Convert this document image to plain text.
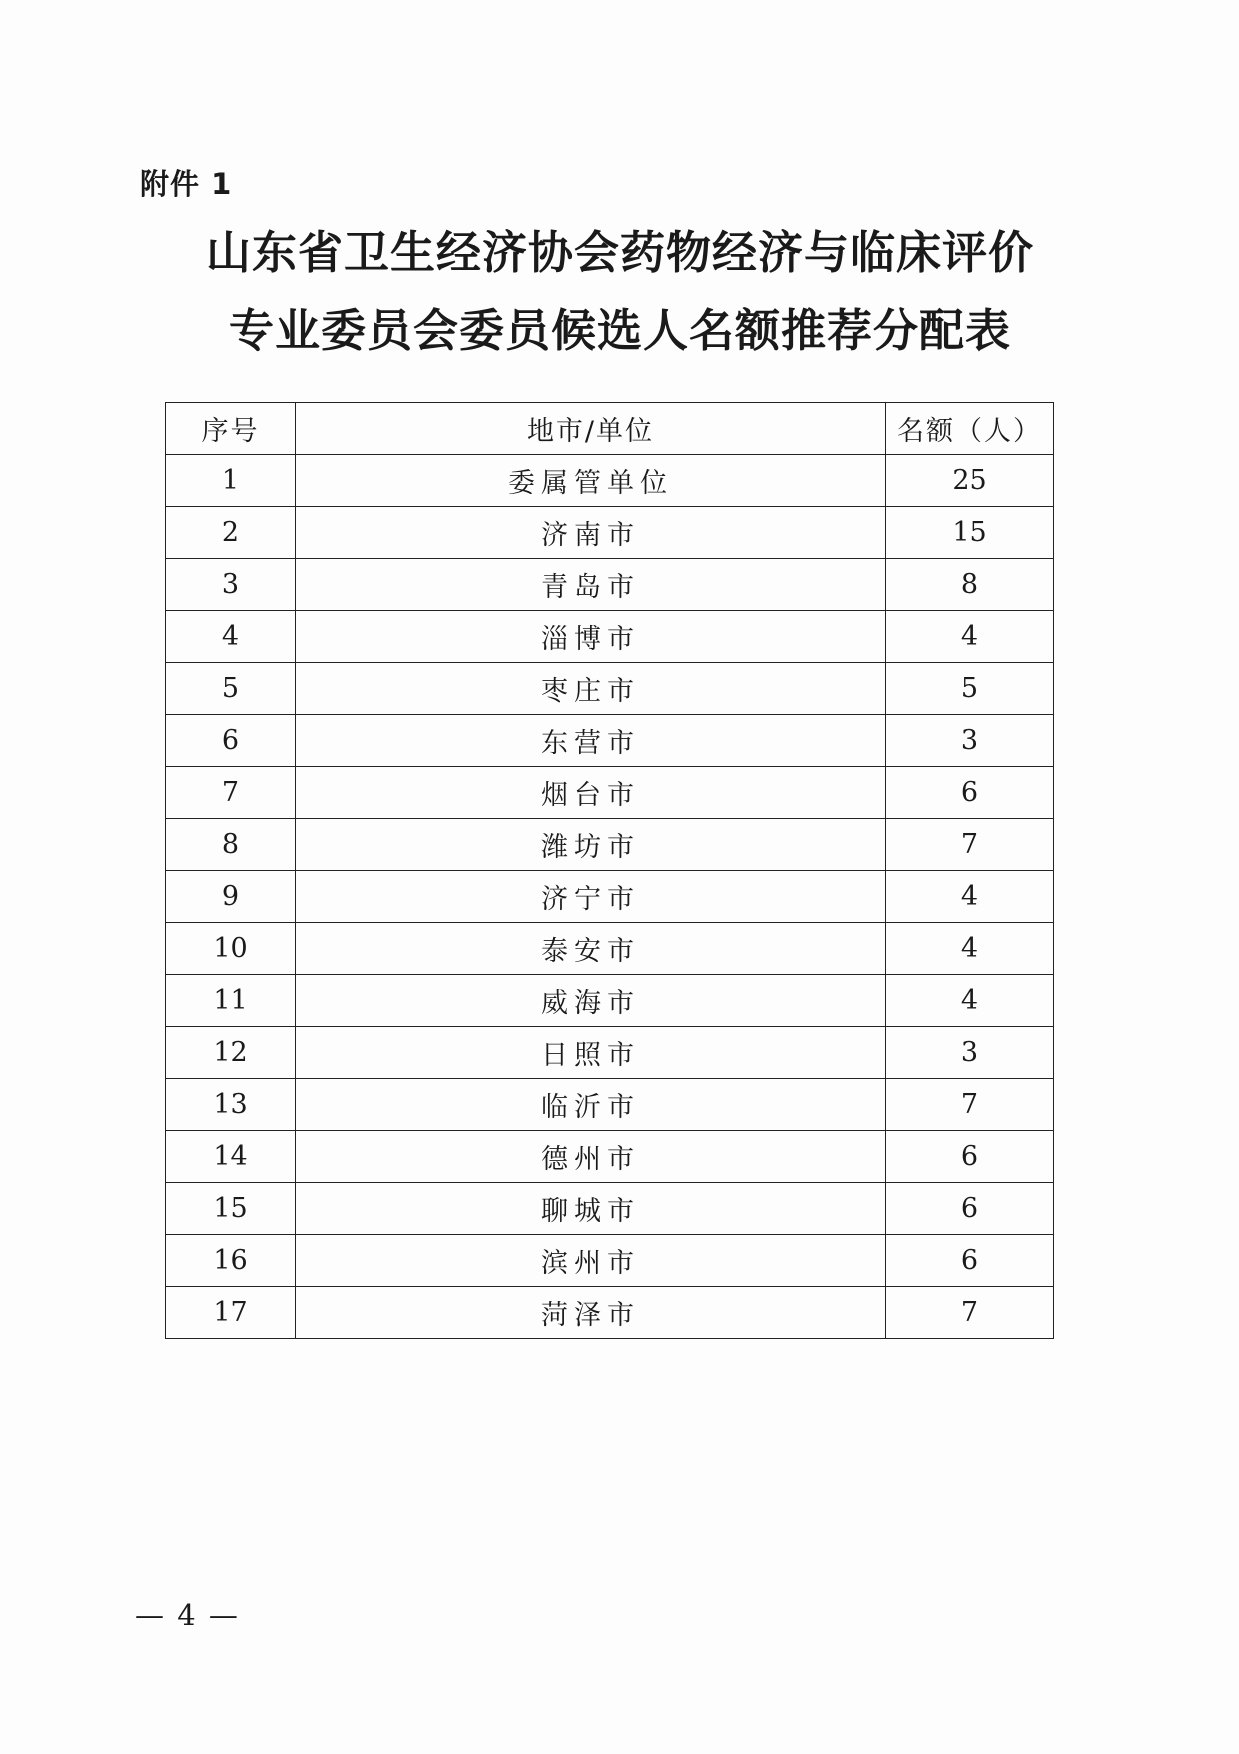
附件 1
山东省卫生经济协会药物经济与临床评价
专业委员会委员候选人名额推荐分配表
序号	地市/单位	名额（人）
1	委属管单位	25
2	济南市	15
3	青岛市	8
4	淄博市	4
5	枣庄市	5
6	东营市	3
7	烟台市	6
8	潍坊市	7
9	济宁市	4
10	泰安市	4
11	威海市	4
12	日照市	3
13	临沂市	7
14	德州市	6
15	聊城市	6
16	滨州市	6
17	菏泽市	7
— 4 —
